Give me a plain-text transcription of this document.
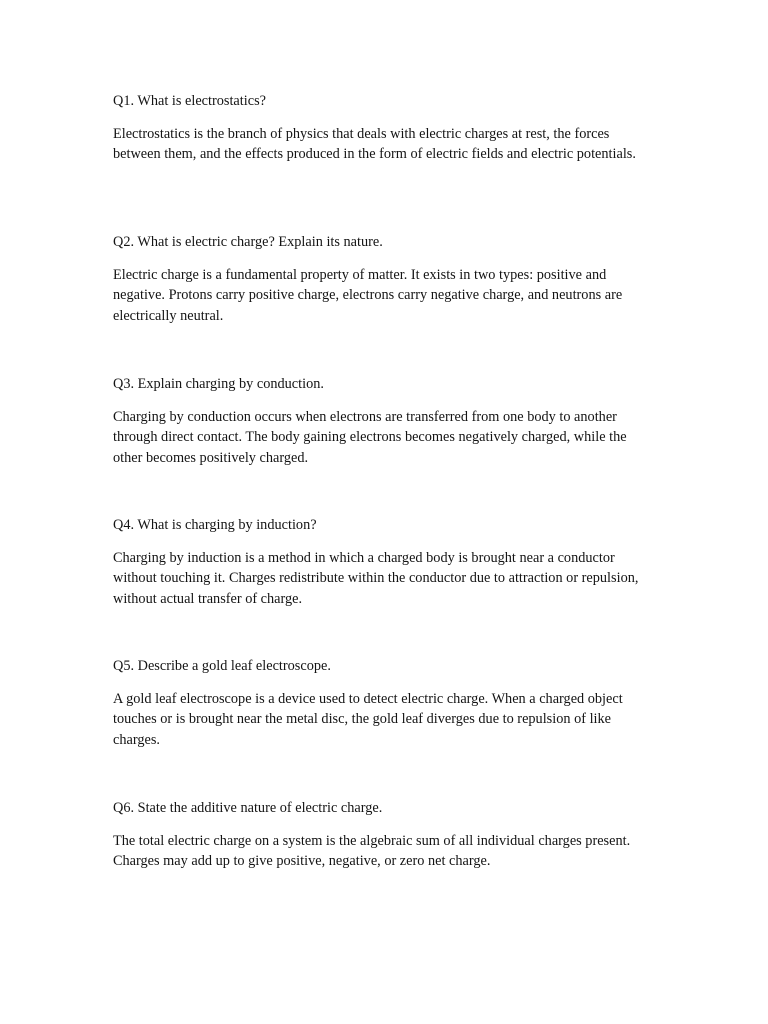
Q1. What is electrostatics?

Electrostatics is the branch of physics that deals with electric charges at rest, the forces between them, and the effects produced in the form of electric fields and electric potentials.

Q2. What is electric charge? Explain its nature.

Electric charge is a fundamental property of matter. It exists in two types: positive and negative. Protons carry positive charge, electrons carry negative charge, and neutrons are electrically neutral.

Q3. Explain charging by conduction.

Charging by conduction occurs when electrons are transferred from one body to another through direct contact. The body gaining electrons becomes negatively charged, while the other becomes positively charged.

Q4. What is charging by induction?

Charging by induction is a method in which a charged body is brought near a conductor without touching it. Charges redistribute within the conductor due to attraction or repulsion, without actual transfer of charge.

Q5. Describe a gold leaf electroscope.

A gold leaf electroscope is a device used to detect electric charge. When a charged object touches or is brought near the metal disc, the gold leaf diverges due to repulsion of like charges.

Q6. State the additive nature of electric charge.

The total electric charge on a system is the algebraic sum of all individual charges present. Charges may add up to give positive, negative, or zero net charge.
